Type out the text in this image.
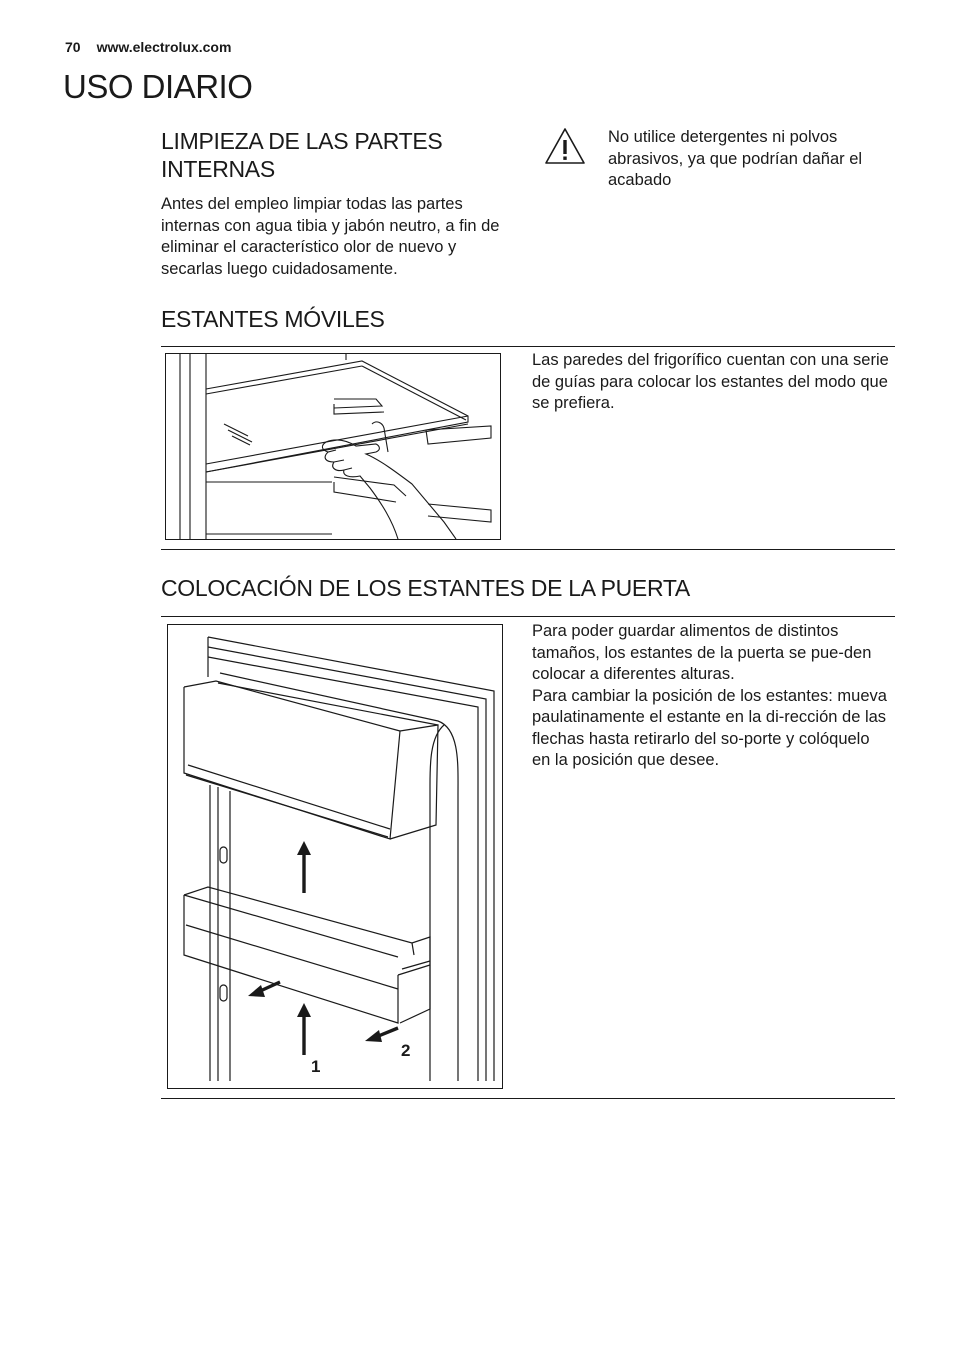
70 www.electrolux.com
USO DIARIO
LIMPIEZA DE LAS PARTES
INTERNAS
Antes del empleo limpiar todas las partes internas con agua tibia y jabón neutro, a fin de eliminar el característico olor de nuevo y secarlas luego cuidadosamente.
No utilice detergentes ni polvos abrasivos, ya que podrían dañar el acabado
ESTANTES MÓVILES
Las paredes del frigorífico cuentan con una serie de guías para colocar los estantes del modo que se prefiera.
COLOCACIÓN DE LOS ESTANTES DE LA PUERTA
1
2
Para poder guardar alimentos de distintos tamaños, los estantes de la puerta se pue-den colocar a diferentes alturas.
Para cambiar la posición de los estantes: mueva paulatinamente el estante en la di-rección de las flechas hasta retirarlo del so-porte y colóquelo en la posición que desee.
